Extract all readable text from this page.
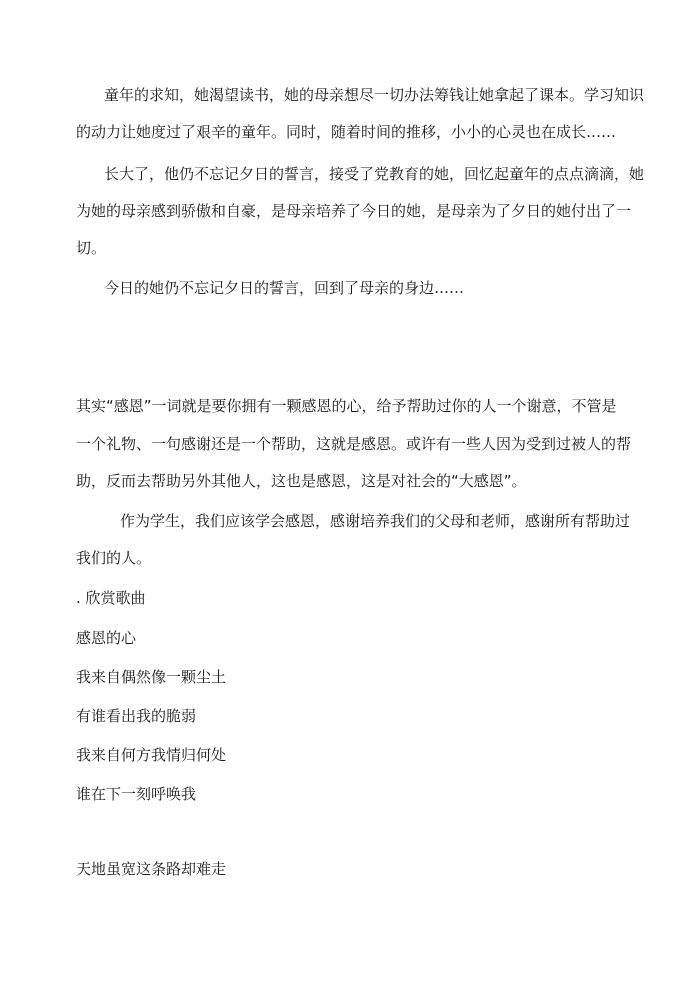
童年的求知，她渴望读书，她的母亲想尽一切办法筹钱让她拿起了课本。学习知识
的动力让她度过了艰辛的童年。同时，随着时间的推移，小小的心灵也在成长……
长大了，他仍不忘记夕日的誓言，接受了党教育的她，回忆起童年的点点滴滴，她
为她的母亲感到骄傲和自豪，是母亲培养了今日的她，是母亲为了夕日的她付出了一
切。
今日的她仍不忘记夕日的誓言，回到了母亲的身边……
其实“感恩”一词就是要你拥有一颗感恩的心，给予帮助过你的人一个谢意，不管是
一个礼物、一句感谢还是一个帮助，这就是感恩。或许有一些人因为受到过被人的帮
助，反而去帮助另外其他人，这也是感恩，这是对社会的“大感恩”。
作为学生，我们应该学会感恩，感谢培养我们的父母和老师，感谢所有帮助过
我们的人。
. 欣赏歌曲
感恩的心
我来自偶然像一颗尘土
有谁看出我的脆弱
我来自何方我情归何处
谁在下一刻呼唤我
天地虽宽这条路却难走
